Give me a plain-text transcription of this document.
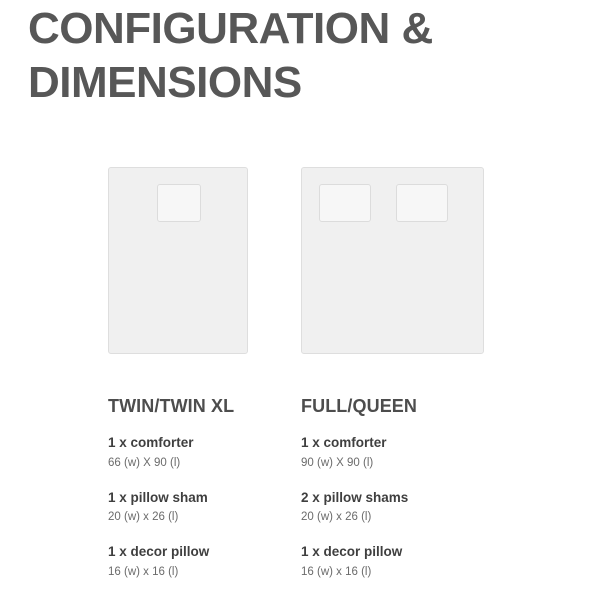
CONFIGURATION &
DIMENSIONS
TWIN/TWIN XL
1 x comforter
66 (w) X 90 (l)
1 x pillow sham
20 (w) x 26 (l)
1 x decor pillow
16 (w) x 16 (l)
FULL/QUEEN
1 x comforter
90 (w) X 90 (l)
2 x pillow shams
20 (w) x 26 (l)
1 x decor pillow
16 (w) x 16 (l)
